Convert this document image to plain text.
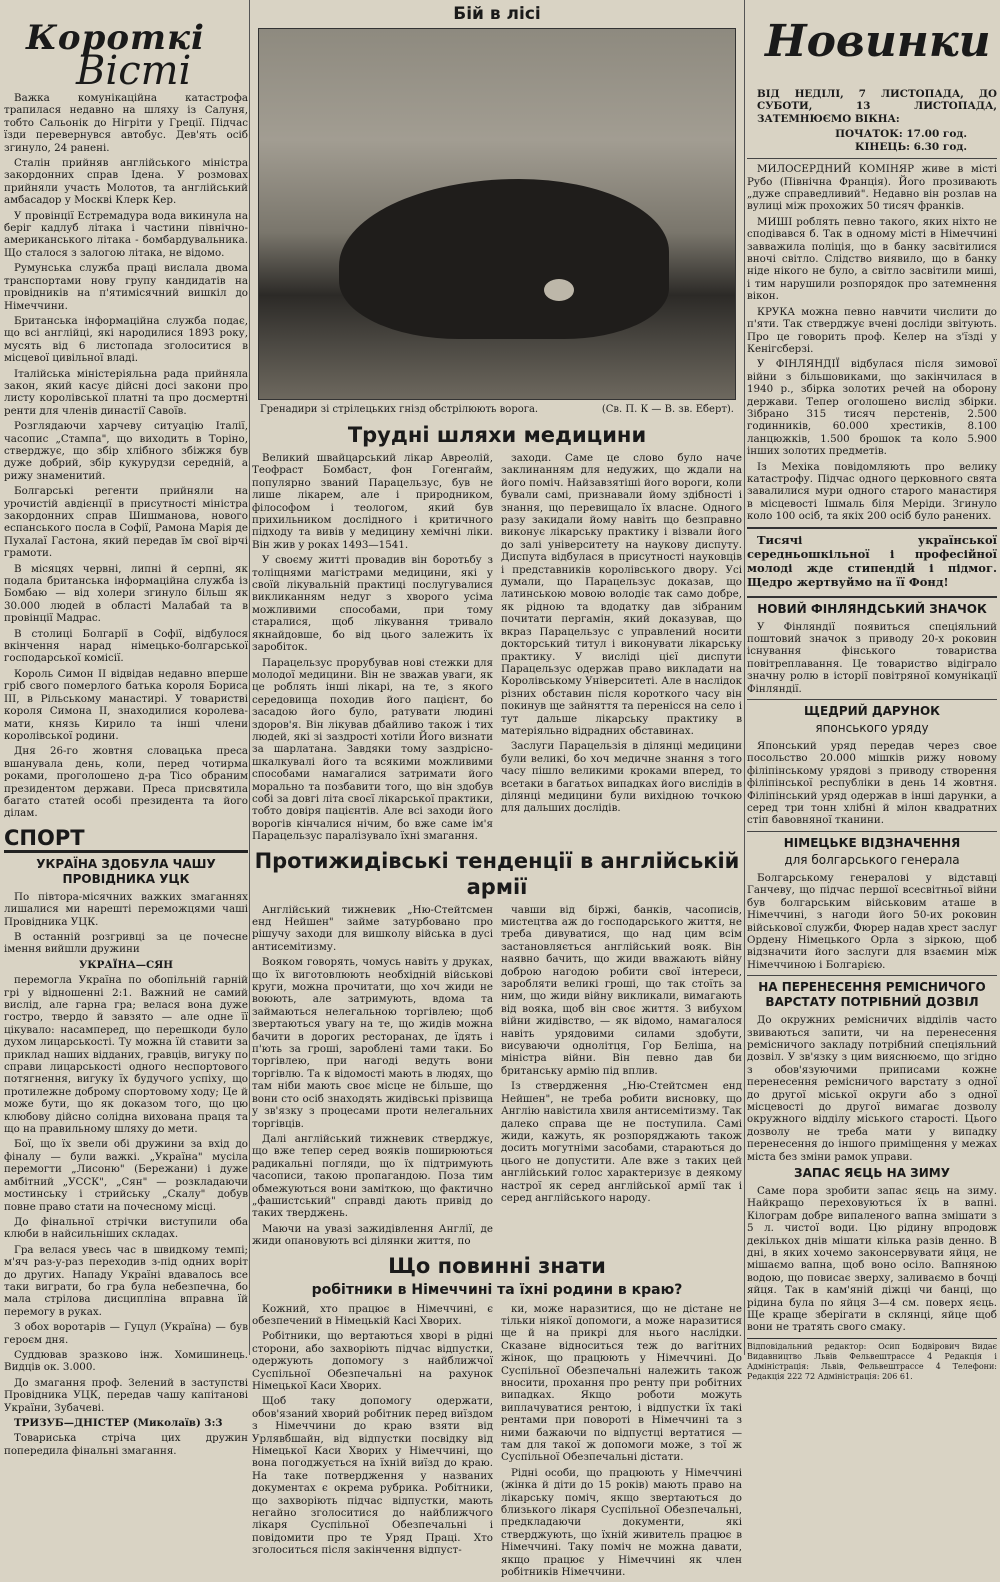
Короткі
Вісті

Важка комунікаційна катастрофа трапилася недавно на шляху із Салуня, тобто Сальонік до Нігріти у Греції. Підчас їзди перевернувся автобус. Дев'ять осіб згинуло, 24 ранені.

Сталін прийняв англійського міністра закордонних справ Ідена. У розмовах прийняли участь Молотов, та англійський амбасадор у Москві Клерк Кер.

У провінції Естремадура вода викинула на беріг кадлуб літака і частини північно-американського літака - бомбардувальника. Що сталося з залогою літака, не відомо.

Румунська служба праці вислала двома транспортами нову групу кандидатів на провідників на п'ятимісячний вишкіл до Німеччини.

Британська інформаційна служба подає, що всі англійці, які народилися 1893 року, мусять від 6 листопада зголоситися в місцевої цивільної владі.

Італійська міністеріяльна рада прийняла закон, який касує дійсні досі закони про листу королівської платні та про досмертні ренти для членів династії Савоїв.

Розглядаючи харчеву ситуацію Італії, часопис „Стампа", що виходить в Торіно, стверджує, що збір хлібного збіжжя був дуже добрий, збір кукурудзи середній, а рижу знаменитий.

Болгарські регенти прийняли на урочистій авдієнції в присутності міністра закордонних справ Шишманова, нового еспанського посла в Софії, Рамона Марія де Пухалаї Гастона, який передав їм свої вірчі грамоти.

В місяцях червні, липні й серпні, як подала британська інформаційна служба із Бомбаю — від холери згинуло більш як 30.000 людей в області Малабай та в провінції Мадрас.

В столиці Болгарії в Софії, відбулося вкінчення нарад німецько-болгарської господарської комісії.

Король Симон II відвідав недавно вперше гріб свого померлого батька короля Бориса III, в Рільському манастирі. У товаристві короля Симона II, знаходилися королева-мати, князь Кирило та інші члени королівської родини.

Дня 26-го жовтня словацька преса вшанувала день, коли, перед чотирма роками, проголошено д-ра Тісо обраним президентом держави. Преса присвятила багато статей особі президента та його ділам.

СПОРТ
УКРАЇНА ЗДОБУЛА ЧАШУ ПРОВІДНИКА УЦК

По півтора-місячних важких змаганнях лишалися ми нарешті переможцями чаші Провідника УЦК.

В останній розгривці за це почесне імення вийшли дружини

УКРАЇНА—СЯН

перемогла Україна по обопільній гарній грі у відношенні 2:1. Важний не самий вислід, але гарна гра; велася вона дуже гостро, твердо й завзято — але одне її цікувало: насамперед, що перешкоди було духом лицарськості. Ту можна їй ставити за приклад наших відданих, гравців, вигуку по справи лицарськості одного неспортового потягнення, вигуку їх будучого успіху, що протилежне доброму спортовому ходу; Це й може бути, що як доказом того, що цю клюбову дійсно солідна вихована праця та що на правильному шляху до мети.

Бої, що їх звели обі дружини за вхід до фіналу — були важкі. „Україна" мусіла перемогти „Лисоню" (Бережани) і дуже амбітний „УССК", „Сян" — розкладаючи мостинську і стрийську „Скалу" добув повне право стати на почесному місці.

До фінальної стрічки виступили оба клюби в найсильніших складах.

Гра велася увесь час в швидкому темпі; м'яч раз-у-раз переходив з-під одних воріт до других. Нападу Україні вдавалось все таки виграти, бо гра була небезпечна, бо мала стрілова дисципліна вправна їй перемогу в руках.

З обох воротарів — Гуцул (Україна) — був героєм дня.

Суддював зразково інж. Хомишинець. Видців ок. 3.000.

До змагання проф. Зелений в заступстві Провідника УЦК, передав чашу капітанові України, Зубачеві.

ТРИЗУБ—ДНІСТЕР (Миколаїв) 3:3

Товариська стріча цих дружин попередила фінальні змагання.

Бій в лісі
Гренадири зі стрілецьких гнізд обстрілюють ворога.	(Св. П. К — В. зв. Еберт).
Трудні шляхи медицини

Великий швайцарський лікар Авреолій, Теофраст Бомбаст, фон Гогенгайм, популярно званий Парацельзус, був не лише лікарем, але і природником, філософом і теологом, який був прихильником дослідного і критичного підходу та вивів у медицину хемічні ліки. Він жив у роках 1493—1541.

У своєму житті провадив він боротьбу з толіщнями магістрами медицини, які у своїй лікувальній практиці послугувалися викликанням недуг з хворого усіма можливими способами, при тому старалися, щоб лікування тривало якнайдовше, бо від цього залежить їх заробіток.

Парацельзус прорубував нові стежки для молодої медицини. Він не зважав уваги, як це роблять інші лікарі, на те, з якого середовища походив його пацієнт, бо засадою його було, ратувати людині здоров'я. Він лікував дбайливо також і тих людей, які зі заздрості хотіли Його визнати за шарлатана. Завдяки тому заздрісно-шкалкувалі його та всякими можливими способами намагалися затримати його морально та позбавити того, що він здобув собі за довгі літа своєї лікарської практики, тобто довіря пацієнтів. Але всі заходи його ворогів кінчалися нічим, бо вже саме ім'я Парацельзус паралізувало їхні змагання.

заходи. Саме це слово було наче заклинанням для недужих, що ждали на його поміч. Найзавзятіші його вороги, коли бували самі, признавали йому здібності і знання, що перевищало їх власне. Одного разу закидали йому навіть що безправно виконує лікарську практику і візвали його до залі університету на наукову диспуту. Диспута відбулася в присутності науковців і представників королівського двору. Усі думали, що Парацельзус доказав, що латинською мовою володіє так само добре, як рідною та вдодатку дав зібраним почитати пергамін, який доказував, що вкраз Парацельзус с управлений носити докторський титул і виконувати лікарську практику. У висліді цієї диспути Парацельзус одержав право викладати на Королівському Університеті. Але в наслідок різних обставин після короткого часу він покинув ще зайняття та перенісся на село і тут дальше лікарську практику в матеріяльно відрадних обставинах.

Заслуги Парацельзія в ділянці медицини були великі, бо хоч медичне знання з того часу пішло великими кроками вперед, то всетаки в багатьох випадках його вислідів в ділянці медицини були вихідною точкою для дальших дослідів.

Протижидівські тенденції в англійській армії

Англійський тижневик „Ню-Стейтсмен енд Нейшен" займе затурбовано про рішучу заходи для вишколу війська в дусі антисемітизму.

Вояком говорять, чомусь навіть у друках, що їх виготовлюють необхідній військові круги, можна прочитати, що хоч жиди не воюють, але затримують, вдома та займаються нелегальною торгівлею; щоб звертаються увагу на те, що жидів можна бачити в дорогих ресторанах, де їдять і п'ють за гроші, зароблені тами таки. Бо торгівлею, при нагоді ведуть вони торгівлю. Та к відомості мають в людях, що там ніби мають своє місце не більше, що вони сто осіб знаходять жидівські прізвища у зв'язку з процесами проти нелегальних торгівців.

Далі англійський тижневик стверджує, що вже тепер серед вояків поширюються радикальні погляди, що їх підтримують часописи, такою пропагандою. Поза тим обмежуються вони заміткою, що фактично „фашистський" справді дають привід до таких тверджень.

Маючи на увазі зажидівлення Англії, де жиди опановують всі ділянки життя, по

чавши від біржі, банків, часописів, мистецтва аж до господарського життя, не треба дивуватися, що над цим всім застановляється англійський вояк. Він наявно бачить, що жиди вважають війну доброю нагодою робити свої інтереси, заробляти великі гроші, що так стоїть за ним, що жиди війну викликали, вимагають від вояка, щоб він своє життя. З вибухом війни жидівство, — як відомо, намагалося навіть урядовими силами здобути, висуваючи однолітця, Гор Беліша, на міністра війни. Він певно дав би британську армію під вплив.

Із ствердження „Ню-Стейтсмен енд Нейшен", не треба робити висновку, що Англію навістила хвиля антисемітизму. Так далеко справа ще не поступила. Самі жиди, кажуть, як розпоряджають також досить могутніми засобами, стараються до цього не допустити. Але вже з таких цей англійський голос характеризує в деякому настрої як серед англійської армії так і серед англійського народу.

Що повинні знати
робітники в Німеччині та їхні родини в краю?

Кожний, хто працює в Німеччині, є обезпечений в Німецькій Касі Хворих.

Робітники, що вертаються хворі в рідні сторони, або захворіють підчас відпустки, одержують допомогу з найближчої Суспільної Обезпечальні на рахунок Німецької Каси Хворих.

Щоб таку допомогу одержати, обов'язаний хворий робітник перед виїздом з Німеччини до краю взяти від Урлявбшайн, від відпустки посвідку від Німецької Каси Хворих у Німеччині, що вона погоджується на їхній виїзд до краю. На таке потвердження у названих документах є окрема рубрика. Робітники, що захворіють підчас відпустки, мають негайно зголоситися до найближчого лікаря Суспільної Обезпечальні і повідомити про те Уряд Праці. Хто зголоситься після закінчення відпуст-

ки, може наразитися, що не дістане не тільки ніякої допомоги, а може наразитися ще й на прикрі для нього наслідки. Сказане відноситься теж до вагітних жінок, що працюють у Німеччині. До Суспільної Обезпечальні належить також вносити, прохання про ренту при робітних випадках. Якщо роботи можуть виплачуватися рентою, і відпустки їх такі рентами при повороті в Німеччині та з ними бажаючи по відпустці вертатися — там для такої ж допомоги може, з тої ж Суспільної Обезпечальні дістати.

Рідні особи, що працюють у Німеччині (жінка й діти до 15 років) мають право на лікарську поміч, якщо звертаються до близького лікаря Суспільної Обезпечальні, предкладаючи документи, які стверджують, що їхній живитель працює в Німеччині. Таку поміч не можна давати, якщо працює у Німеччині як член робітників Німеччини.

Новинки

ВІД НЕДІЛІ, 7 ЛИСТОПАДА, ДО СУБОТИ, 13 ЛИСТОПАДА, ЗАТЕМНЮЄМО ВІКНА:

ПОЧАТОК: 17.00 год.
КІНЕЦЬ: 6.30 год.

МИЛОСЕРДНИЙ КОМІНЯР живе в місті Рубо (Північна Франція). Його прозивають „дуже справедливий". Недавно він розлав на вулиці між прохожих 50 тисяч франків.

МИШІ роблять певно такого, яких ніхто не сподівався б. Так в одному місті в Німеччині завважила поліція, що в банку засвітилися вночі світло. Слідство виявило, що в банку ніде нікого не було, а світло засвітили миші, і тим нарушили розпорядок про затемнення вікон.

КРУКА можна певно навчити числити до п'яти. Так стверджує вчені досліди звітують. Про це говорить проф. Келер на з'їзді у Кенігсберзі.

У ФІНЛЯНДІЇ відбулася після зимової війни з більшовиками, що закінчилася в 1940 р., збірка золотих речей на оборону держави. Тепер оголошено вислід збірки. Зібрано 315 тисяч перстенів, 2.500 годинників, 60.000 хрестиків, 8.100 ланцюжків, 1.500 брошок та коло 5.900 інших золотих предметів.

Із Мехіка повідомляють про велику катастрофу. Підчас одного церковного свята завалилися мури одного старого манастиря в місцевості Ішмаль біля Меріди. Згинуло коло 100 осіб, та якіх 200 осіб було ранених.

Тисячі української середньошкільної і професійної молоді жде стипендій і підмог. Щедро жертвуймо на її Фонд!

НОВИЙ ФІНЛЯНДСЬКИЙ ЗНАЧОК

У Фінляндії появиться спеціяльний поштовий значок з приводу 20-х роковин існування фінського товариства повітреплавання. Це товариство відіграло значну ролю в історії повітряної комунікації Фінляндії.

ЩЕДРИЙ ДАРУНОК
японського уряду

Японський уряд передав через свое посольство 20.000 мішків рижу новому філіпінському урядові з приводу створення філіпінської республіки в день 14 жовтня. Філіпінський уряд одержав в інші дарунки, а серед три тонн хлібні й мілон квадратних стіп бавовняної тканини.

НІМЕЦЬКЕ ВІДЗНАЧЕННЯ
для болгарського генерала

Болгарському генералові у відставці Ганчеву, що підчас першої всесвітньої війни був болгарським військовим аташе в Німеччині, з нагоди його 50-их роковин військової служби, Фюрер надав хрест заслуг Ордену Німецького Орла з зіркою, щоб відзначити його заслуги для взаємин між Німеччиною і Болгарією.

НА ПЕРЕНЕСЕННЯ РЕМІСНИЧОГО ВАРСТАТУ ПОТРІБНИЙ ДОЗВІЛ

До окружних ремісничих відділів часто звиваються запити, чи на перенесення ремісничого закладу потрібний спеціяльний дозвіл. У зв'язку з цим вияснюємо, що згідно з обов'язуючими приписами кожне перенесення ремісничого варстату з одної до другої міської округи або з одної місцевості до другої вимагає дозволу окружного відділу міського старості. Цього дозволу не треба мати у випадку перенесення до іншого приміщення у межах міста без зміни рамок управи.

ЗАПАС ЯЄЦЬ НА ЗИМУ

Саме пора зробити запас яєць на зиму. Найкращо переховуються їх в вапні. Кілограм добре випаленого вапна змішати з 5 л. чистої води. Цю рідину впродовж декількох днів мішати кілька разів денно. В дні, в яких хочемо законсервувати яйця, не мішаємо вапна, щоб воно осіло. Вапняною водою, що повисає зверху, заливаємо в бочці яйця. Так в кам'яній діжці чи банці, що рідина була по яйця 3—4 см. поверх яєць. Ще краще зберігати в склянці, яйце щоб вони не тратять свого смаку.

Відповідальний редактор: Осип Бодвірович Видає Видавництво Львів Фельвештрассе 4 Редакція і Адміністрація: Львів, Фельвештрассе 4 Телефони: Редакція 222 72 Адміністрація: 206 61.
